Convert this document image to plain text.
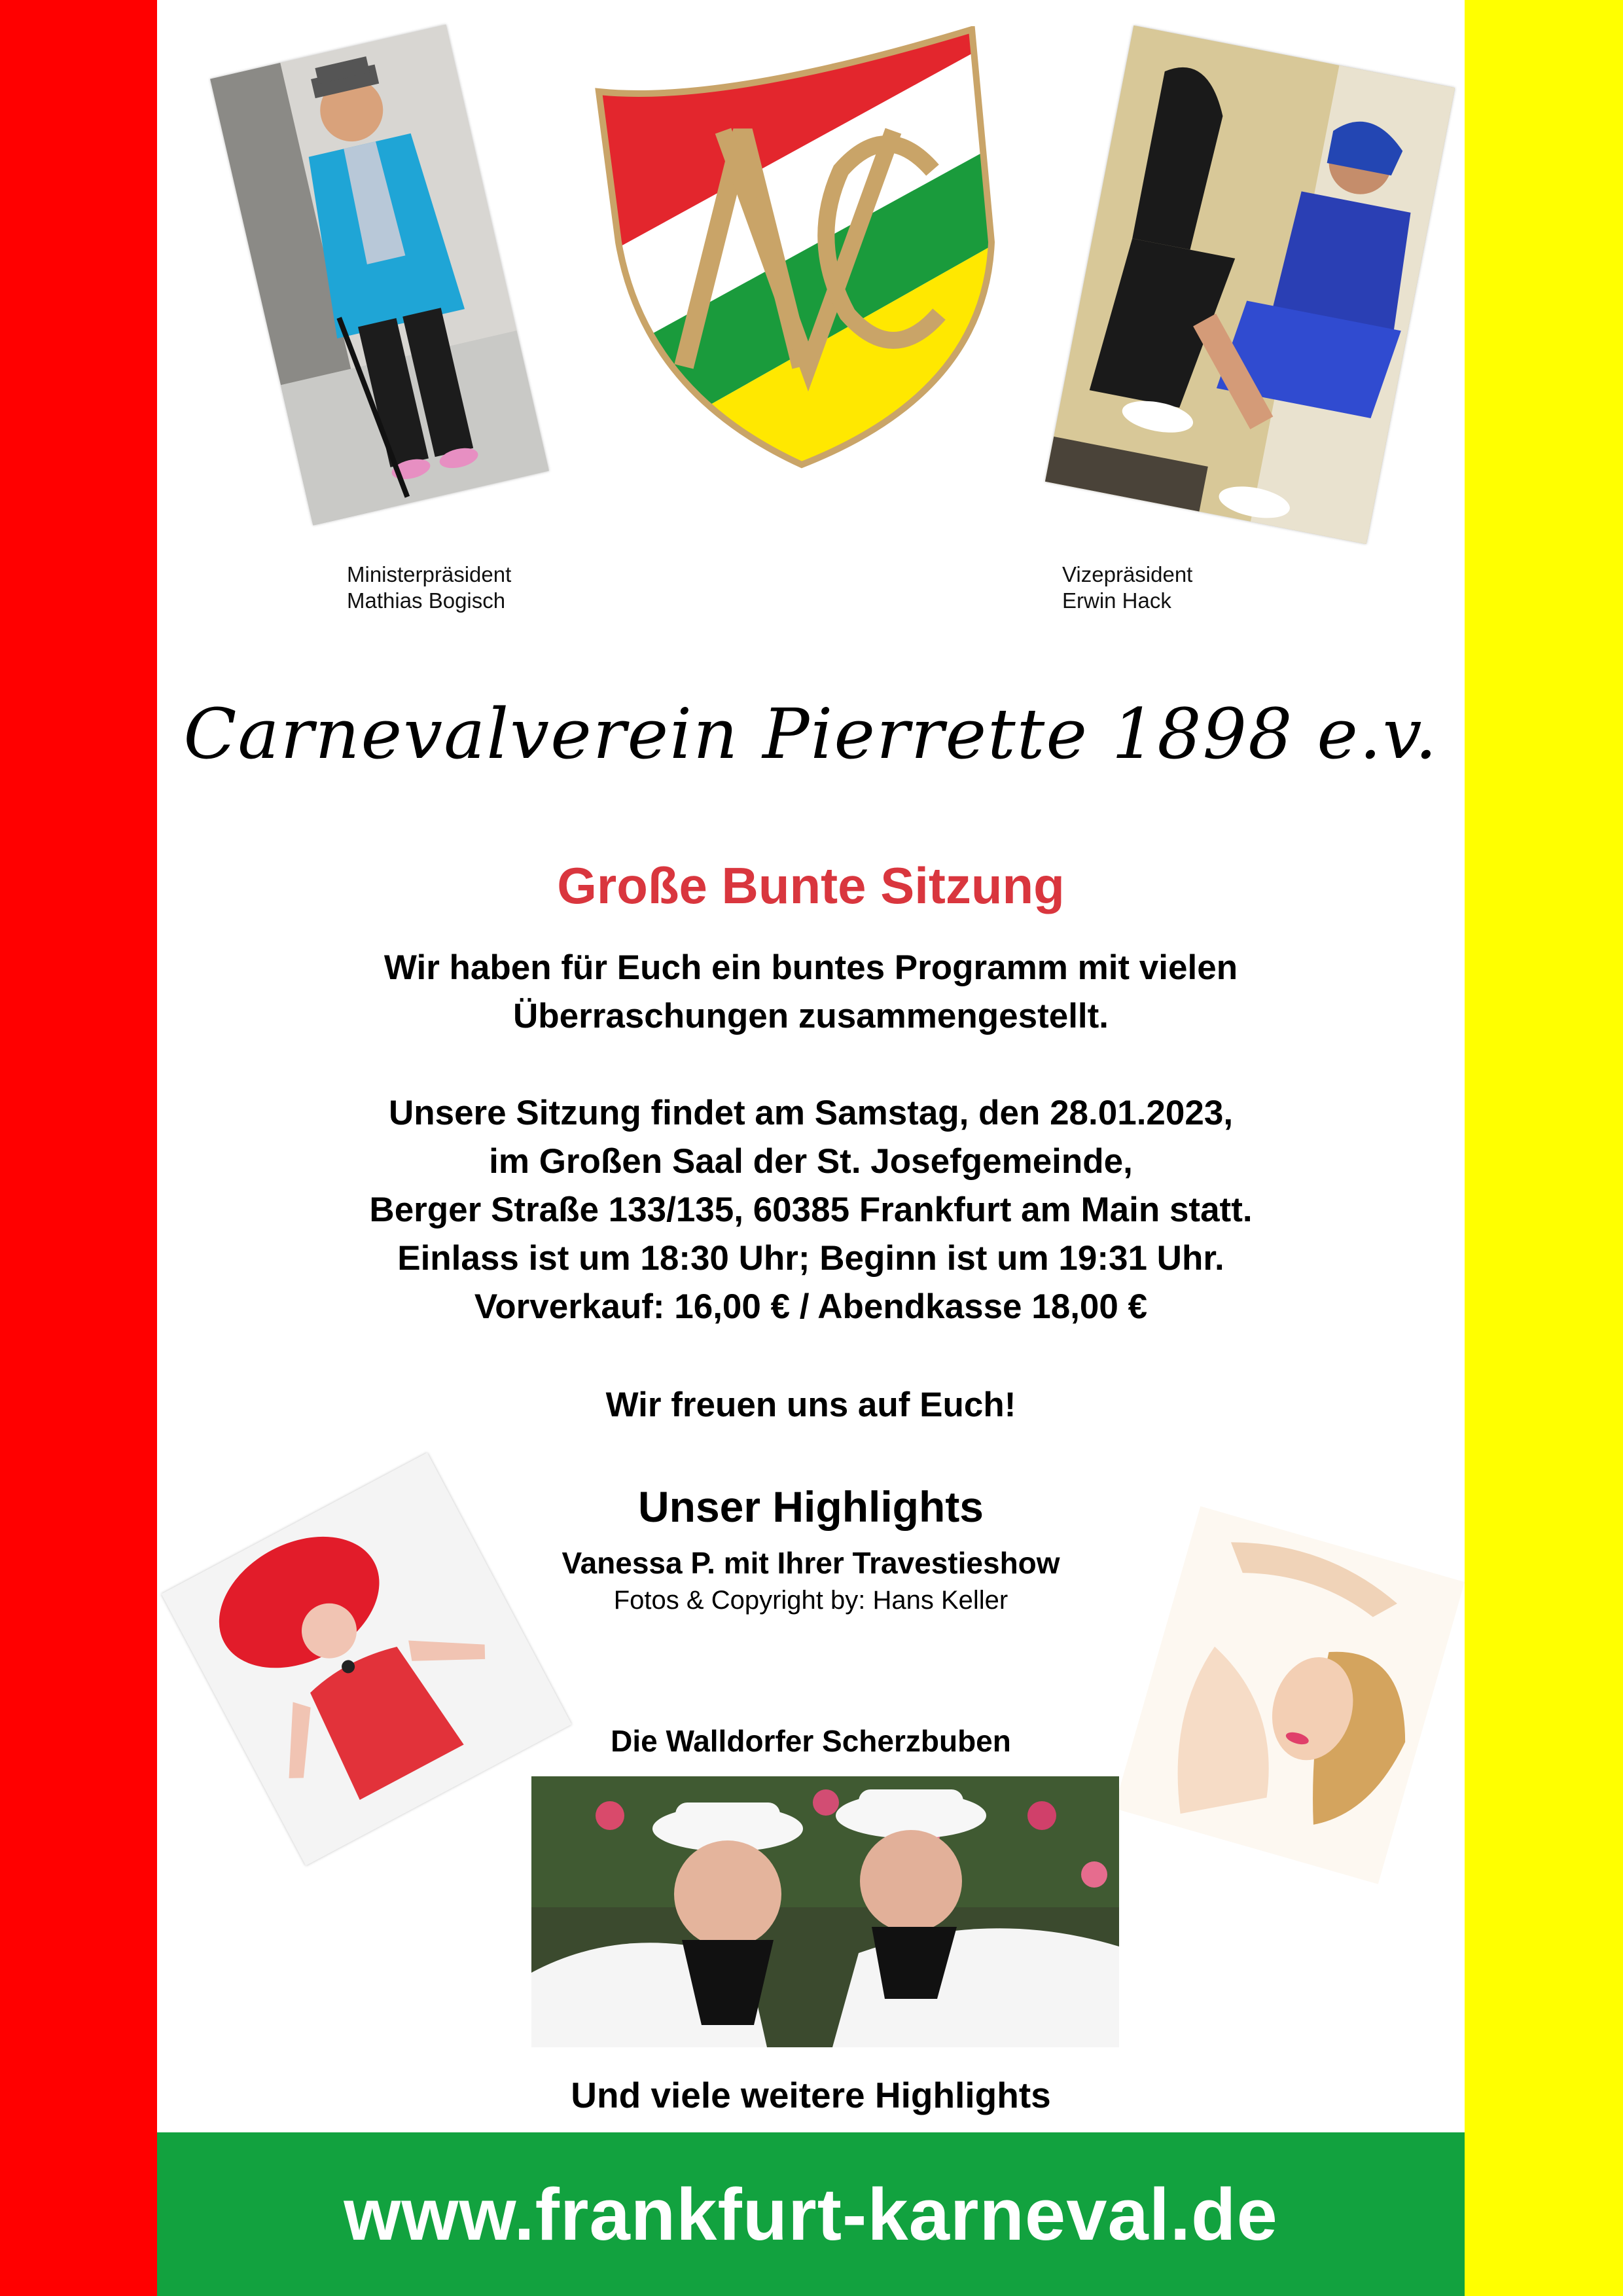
Ministerpräsident
Mathias Bogisch
Vizepräsident
Erwin Hack
Carnevalverein Pierrette 1898 e.v.
Große Bunte Sitzung
Wir haben für Euch ein buntes Programm mit vielen
Überraschungen zusammengestellt.
Unsere Sitzung findet am Samstag, den 28.01.2023,
im Großen Saal der St. Josefgemeinde,
Berger Straße 133/135, 60385 Frankfurt am Main statt.
Einlass ist um 18:30 Uhr; Beginn ist um 19:31 Uhr.
Vorverkauf: 16,00 € / Abendkasse 18,00 €
Wir freuen uns auf Euch!
Unser Highlights
Vanessa P. mit Ihrer Travestieshow
Fotos & Copyright by: Hans Keller
Die Walldorfer Scherzbuben
Und viele weitere Highlights
www.frankfurt-karneval.de
